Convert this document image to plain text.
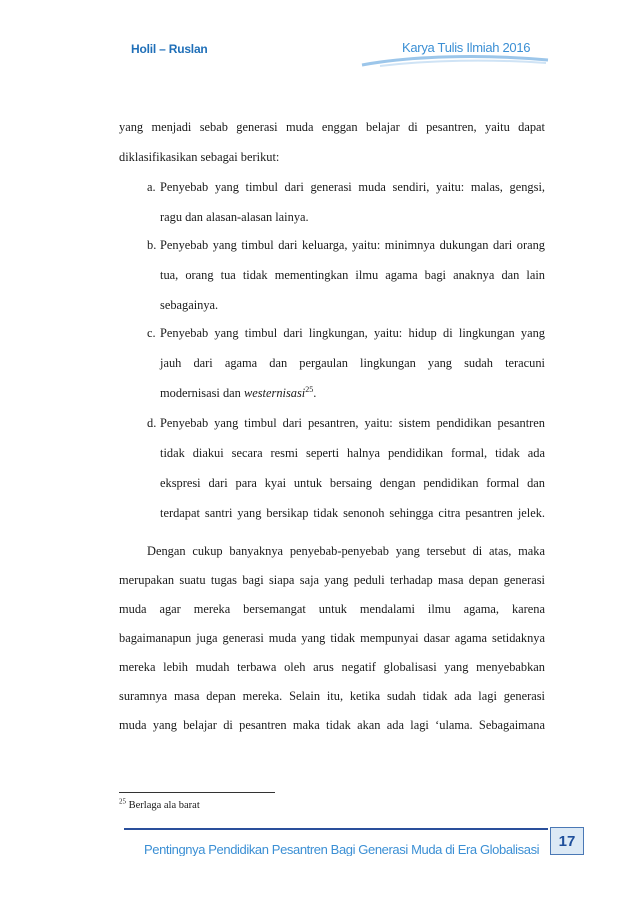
Holil – Ruslan	Karya Tulis Ilmiah 2016
yang menjadi sebab generasi muda enggan belajar di pesantren, yaitu dapat
diklasifikasikan sebagai berikut:
a. Penyebab yang timbul dari generasi muda sendiri, yaitu: malas, gengsi,
ragu dan alasan-alasan lainya.
b. Penyebab yang timbul dari keluarga, yaitu: minimnya dukungan dari orang
tua, orang tua tidak mementingkan ilmu agama bagi anaknya dan lain
sebagainya.
c. Penyebab yang timbul dari lingkungan, yaitu: hidup di lingkungan yang
jauh dari agama dan pergaulan lingkungan yang sudah teracuni
modernisasi dan westernisasi$^{25}$.
d. Penyebab yang timbul dari pesantren, yaitu: sistem pendidikan pesantren
tidak diakui secara resmi seperti halnya pendidikan formal, tidak ada
ekspresi dari para kyai untuk bersaing dengan pendidikan formal dan
terdapat santri yang bersikap tidak senonoh sehingga citra pesantren jelek.
Dengan cukup banyaknya penyebab-penyebab yang tersebut di atas, maka
merupakan suatu tugas bagi siapa saja yang peduli terhadap masa depan generasi
muda agar mereka bersemangat untuk mendalami ilmu agama, karena
bagaimanapun juga generasi muda yang tidak mempunyai dasar agama setidaknya
mereka lebih mudah terbawa oleh arus negatif globalisasi yang menyebabkan
suramnya masa depan mereka. Selain itu, ketika sudah tidak ada lagi generasi
muda yang belajar di pesantren maka tidak akan ada lagi ‘ulama. Sebagaimana
$^{25}$ Berlaga ala barat
Pentingnya Pendidikan Pesantren Bagi Generasi Muda di Era Globalisasi	17
